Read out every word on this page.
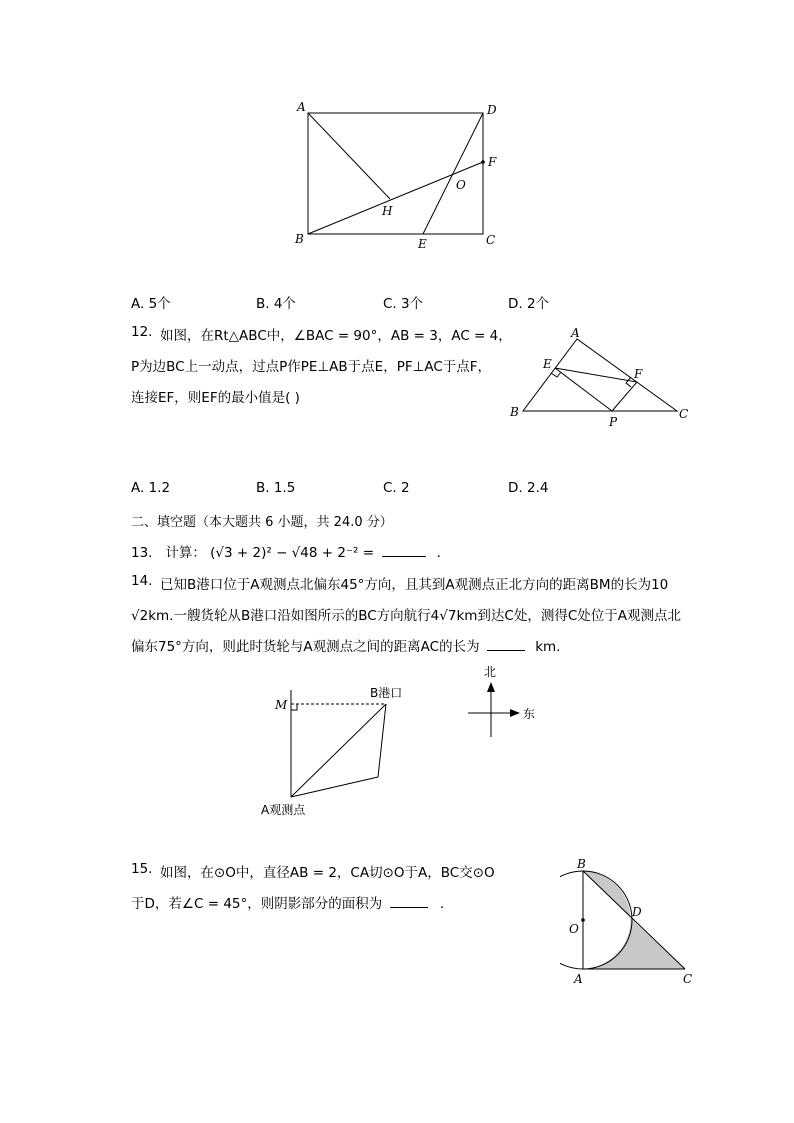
A	D
F
O
H
B	E	C
A. 5个	B. 4个	C. 3个	D. 2个
12. 如图，在Rt△ABC中，∠BAC = 90°，AB = 3，AC = 4，
P为边BC上一动点，过点P作PE⊥AB于点E，PF⊥AC于点F，
连接EF，则EF的最小值是( )
A
E
F
B
P
C
A. 1.2	B. 1.5	C. 2	D. 2.4
二、填空题（本大题共 6 小题，共 24.0 分）
13. 计算： (√3 + 2)² − √48 + 2⁻² =	.
14. 已知B港口位于A观测点北偏东45°方向，且其到A观测点正北方向的距离BM的长为10
√2km.一艘货轮从B港口沿如图所示的BC方向航行4√7km到达C处，测得C处位于A观测点北
偏东75°方向，则此时货轮与A观测点之间的距离AC的长为	km.
M
B港口
A观测点
北
东
15. 如图，在⊙O中，直径AB = 2，CA切⊙O于A，BC交⊙O
于D，若∠C = 45°，则阴影部分的面积为	.
B
D
O
A	C
